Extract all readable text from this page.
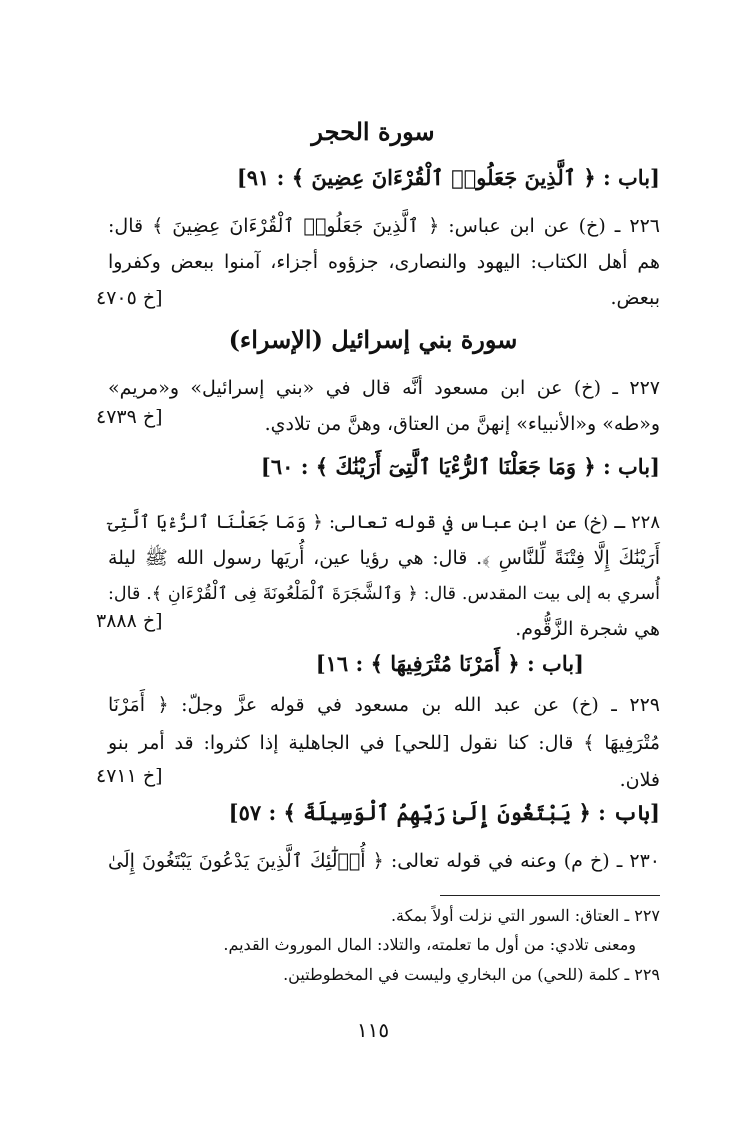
سورة الحجر
[باب : ﴿ ٱلَّذِينَ جَعَلُوا۟ ٱلْقُرْءَانَ عِضِينَ ﴾ : ٩١]
٢٢٦ ـ (خ) عن ابن عباس: ﴿ ٱلَّذِينَ جَعَلُوا۟ ٱلْقُرْءَانَ عِضِينَ ﴾ قال:
هم أهل الكتاب: اليهود والنصارى، جزؤوه أجزاء، آمنوا ببعض وكفروا
ببعض.
[خ ٤٧٠٥
سورة بني إسرائيل (الإسراء)
٢٢٧ ـ (خ) عن ابن مسعود أنَّه قال في «بني إسرائيل» و«مريم»
و«طه» و«الأنبياء» إنهنَّ من العتاق، وهنَّ من تلادي.
[خ ٤٧٣٩
[باب : ﴿ وَمَا جَعَلْنَا ٱلرُّءْيَا ٱلَّتِىٓ أَرَيْنَٰكَ ﴾ : ٦٠]
٢٢٨ ـ (خ) عن ابن عباس في قوله تعالى: ﴿ وَمَا جَعَلْنَا ٱلرُّءْيَا ٱلَّتِىٓ
أَرَيْنَٰكَ إِلَّا فِتْنَةً لِّلنَّاسِ ﴾. قال: هي رؤيا عين، أُريَها رسول الله ﷺ ليلة
أُسري به إلى بيت المقدس. قال: ﴿ وَٱلشَّجَرَةَ ٱلْمَلْعُونَةَ فِى ٱلْقُرْءَانِ ﴾. قال:
هي شجرة الزَّقُّوم.
[خ ٣٨٨٨
[باب : ﴿ أَمَرْنَا مُتْرَفِيهَا ﴾ : ١٦]
٢٢٩ ـ (خ) عن عبد الله بن مسعود في قوله عزَّ وجلّ: ﴿ أَمَرْنَا
مُتْرَفِيهَا ﴾ قال: كنا نقول [للحي] في الجاهلية إذا كثروا: قد أمر بنو
فلان.
[خ ٤٧١١
[باب : ﴿ يَبْتَغُونَ إِلَىٰ رَبِّهِمُ ٱلْوَسِيلَةَ ﴾ : ٥٧]
٢٣٠ ـ (خ م) وعنه في قوله تعالى: ﴿ أُو۟لَٰٓئِكَ ٱلَّذِينَ يَدْعُونَ يَبْتَغُونَ إِلَىٰ
٢٢٧ ـ العتاق: السور التي نزلت أولاً بمكة.
ومعنى تلادي: من أول ما تعلمته، والتلاد: المال الموروث القديم.
٢٢٩ ـ كلمة (للحي) من البخاري وليست في المخطوطتين.
١١٥
